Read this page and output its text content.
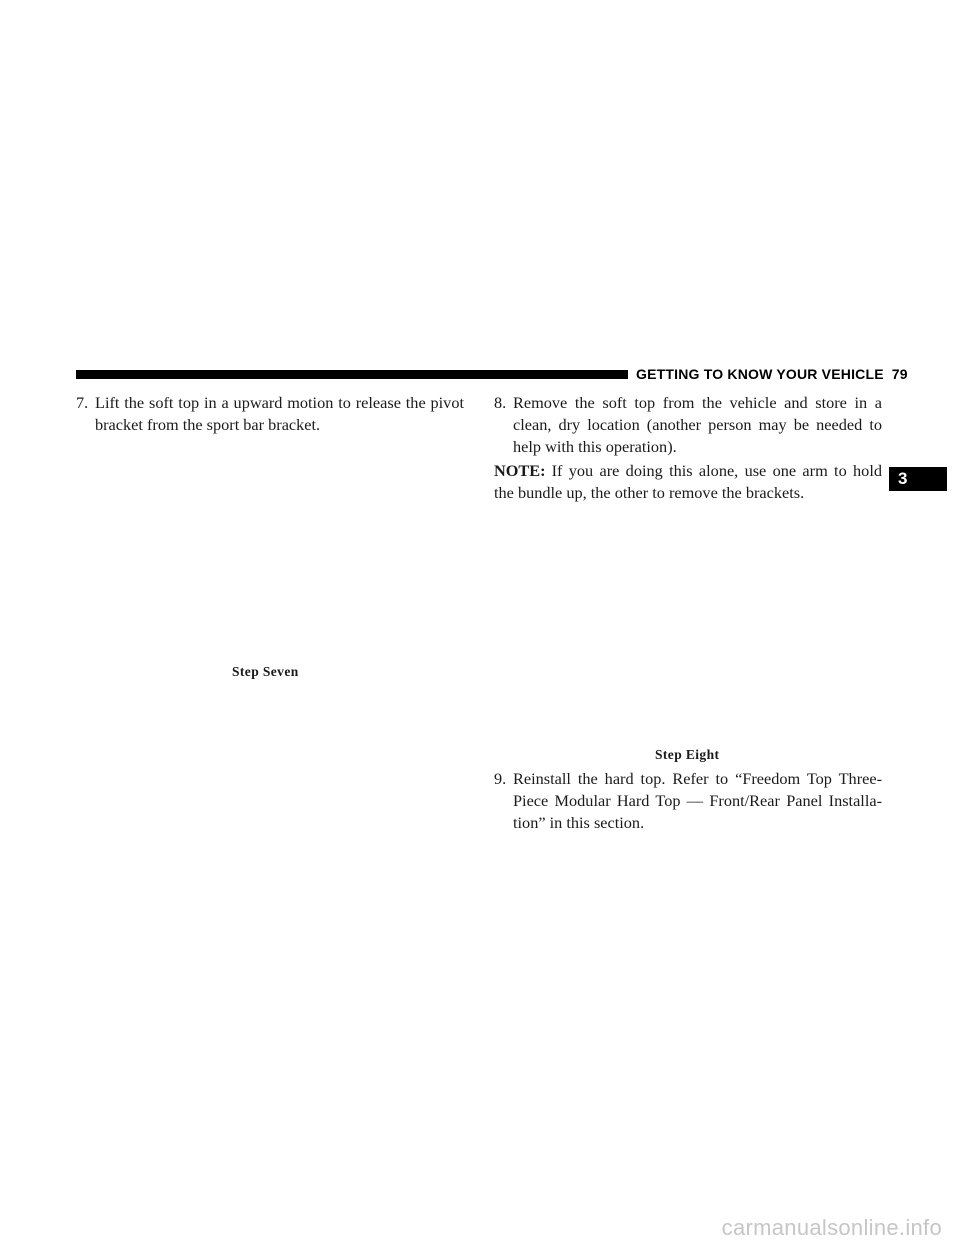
GETTING TO KNOW YOUR VEHICLE 79
3
7. Lift the soft top in a upward motion to release the pivot bracket from the sport bar bracket.
Step Seven
8. Remove the soft top from the vehicle and store in a clean, dry location (another person may be needed to help with this operation).
NOTE: If you are doing this alone, use one arm to hold the bundle up, the other to remove the brackets.
Step Eight
9. Reinstall the hard top. Refer to “Freedom Top Three-Piece Modular Hard Top — Front/Rear Panel Installa-tion” in this section.
carmanualsonline.info
